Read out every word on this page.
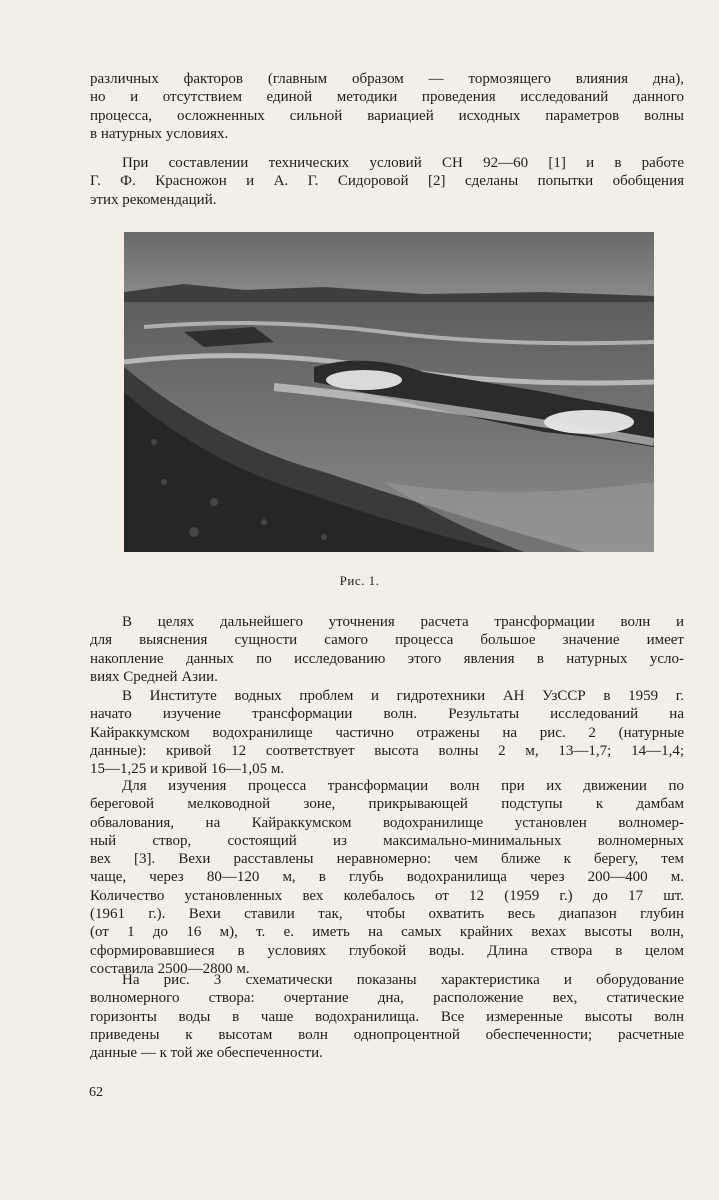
различных факторов (главным образом — тормозящего влияния дна),
но и отсутствием единой методики проведения исследований данного
процесса, осложненных сильной вариацией исходных параметров волны
в натурных условиях.

При составлении технических условий СН 92—60 [1] и в работе
Г. Ф. Красножон и А. Г. Сидоровой [2] сделаны попытки обобщения
этих рекомендаций.

Рис. 1.

В целях дальнейшего уточнения расчета трансформации волн и
для выяснения сущности самого процесса большое значение имеет
накопление данных по исследованию этого явления в натурных усло-
виях Средней Азии.

В Институте водных проблем и гидротехники АН УзССР в 1959 г.
начато изучение трансформации волн. Результаты исследований на
Кайраккумском водохранилище частично отражены на рис. 2 (натурные
данные): кривой 12 соответствует высота волны 2 м, 13—1,7; 14—1,4;
15—1,25 и кривой 16—1,05 м.

Для изучения процесса трансформации волн при их движении по
береговой мелководной зоне, прикрывающей подступы к дамбам
обвалования, на Кайраккумском водохранилище установлен волномер-
ный створ, состоящий из максимально-минимальных волномерных
вех [3]. Вехи расставлены неравномерно: чем ближе к берегу, тем
чаще, через 80—120 м, в глубь водохранилища через 200—400 м.
Количество установленных вех колебалось от 12 (1959 г.) до 17 шт.
(1961 г.). Вехи ставили так, чтобы охватить весь диапазон глубин
(от 1 до 16 м), т. е. иметь на самых крайних вехах высоты волн,
сформировавшиеся в условиях глубокой воды. Длина створа в целом
составила 2500—2800 м.

На рис. 3 схематически показаны характеристика и оборудование
волномерного створа: очертание дна, расположение вех, статические
горизонты воды в чаше водохранилища. Все измеренные высоты волн
приведены к высотам волн однопроцентной обеспеченности; расчетные
данные — к той же обеспеченности.

62
